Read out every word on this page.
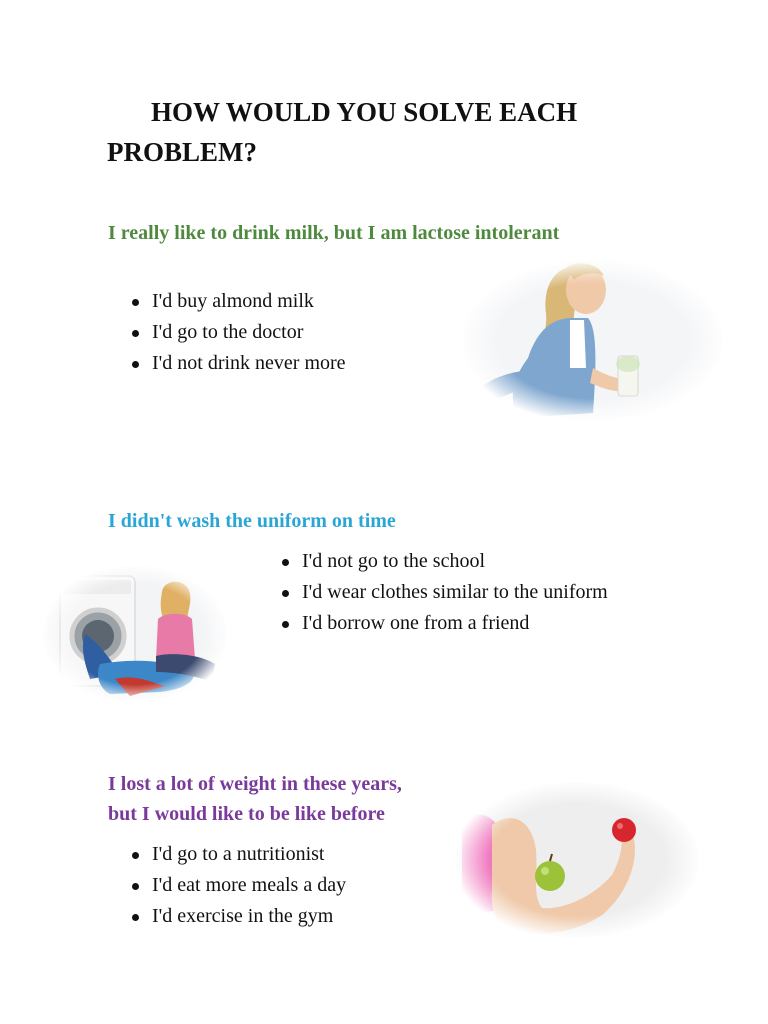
HOW WOULD YOU SOLVE EACH
PROBLEM?

I really like to drink milk, but I am lactose intolerant

I'd buy almond milk
I'd go to the doctor
I'd not drink never more

I didn't wash the uniform on time

I'd not go to the school
I'd wear clothes similar to the uniform
I'd borrow one from a friend

I lost a lot of weight in these years,
but I would like to be like before

I'd go to a nutritionist
I'd eat more meals a day
I'd exercise in the gym
